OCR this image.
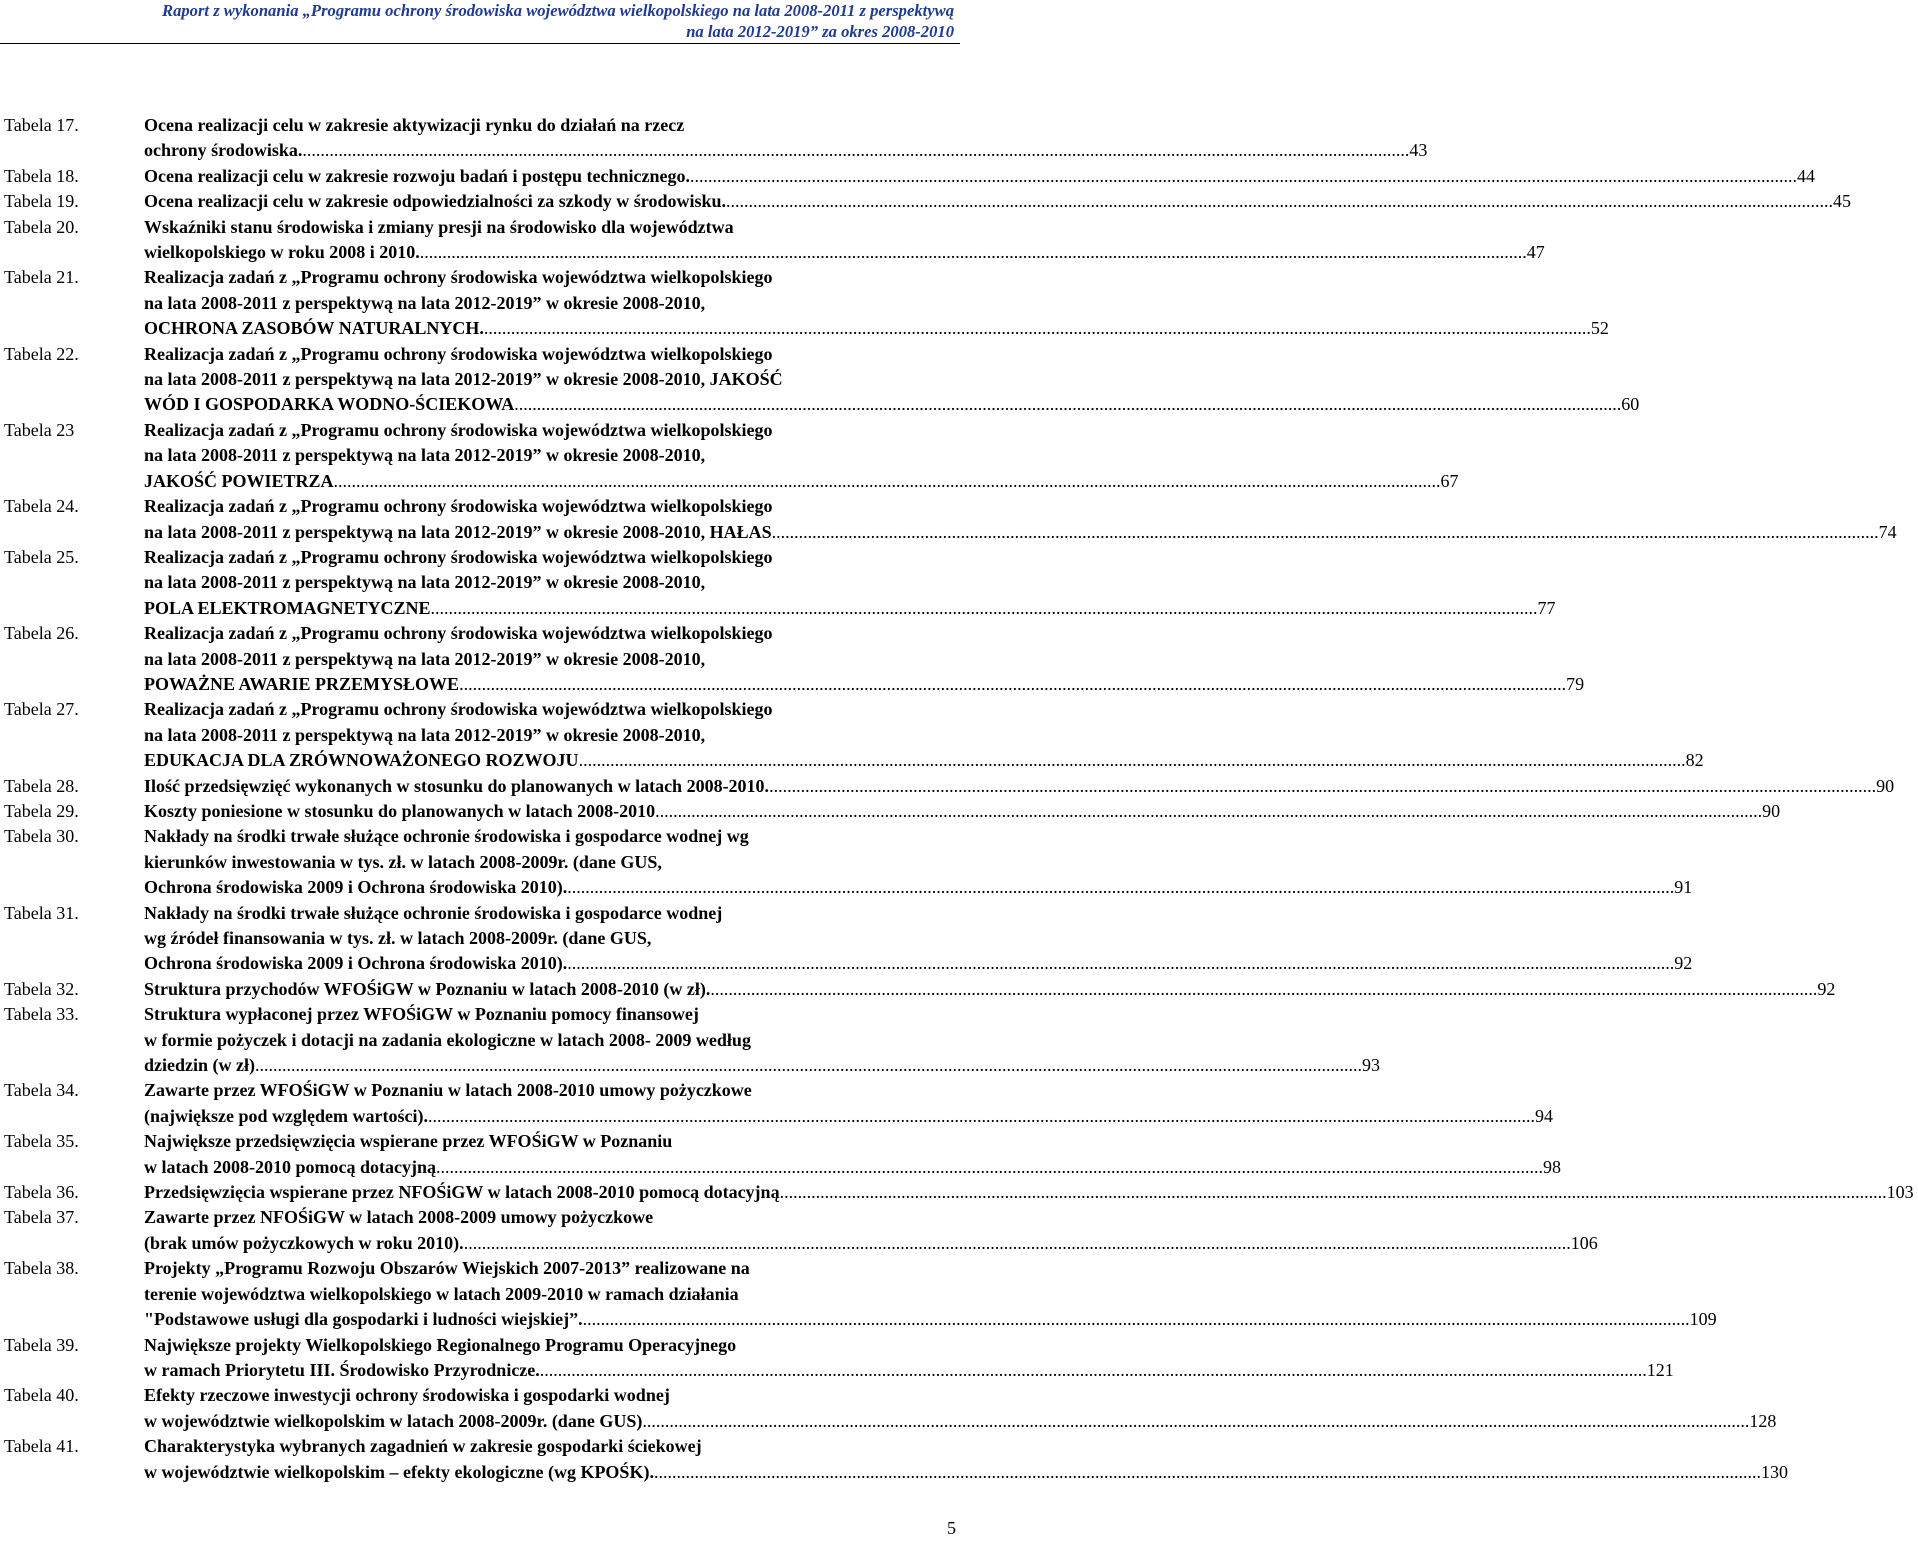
Raport z wykonania „Programu ochrony środowiska województwa wielkopolskiego na lata 2008-2011 z perspektywą
na lata 2012-2019” za okres 2008-2010
Tabela 17.	Ocena realizacji celu w zakresie aktywizacji rynku do działań na rzecz
ochrony środowiska. .....	43
Tabela 18.	Ocena realizacji celu w zakresie rozwoju badań i postępu technicznego. .....	44
Tabela 19.	Ocena realizacji celu w zakresie odpowiedzialności za szkody w środowisku. .....	45
Tabela 20.	Wskaźniki stanu środowiska i zmiany presji na środowisko dla województwa
wielkopolskiego w roku 2008 i 2010. .....	47
Tabela 21.	Realizacja zadań z „Programu ochrony środowiska województwa wielkopolskiego
na lata 2008-2011 z perspektywą na lata 2012-2019” w okresie 2008-2010,
OCHRONA ZASOBÓW NATURALNYCH. .....	52
Tabela 22.	Realizacja zadań z „Programu ochrony środowiska województwa wielkopolskiego
na lata 2008-2011 z perspektywą na lata 2012-2019” w okresie 2008-2010, JAKOŚĆ
WÓD I GOSPODARKA WODNO-ŚCIEKOWA .....	60
Tabela 23	Realizacja zadań z „Programu ochrony środowiska województwa wielkopolskiego
na lata 2008-2011 z perspektywą na lata 2012-2019” w okresie 2008-2010,
JAKOŚĆ POWIETRZA .....	67
Tabela 24.	Realizacja zadań z „Programu ochrony środowiska województwa wielkopolskiego
na lata 2008-2011 z perspektywą na lata 2012-2019” w okresie 2008-2010, HAŁAS .....	74
Tabela 25.	Realizacja zadań z „Programu ochrony środowiska województwa wielkopolskiego
na lata 2008-2011 z perspektywą na lata 2012-2019” w okresie 2008-2010,
POLA ELEKTROMAGNETYCZNE .....	77
Tabela 26.	Realizacja zadań z „Programu ochrony środowiska województwa wielkopolskiego
na lata 2008-2011 z perspektywą na lata 2012-2019” w okresie 2008-2010,
POWAŻNE AWARIE PRZEMYSŁOWE .....	79
Tabela 27.	Realizacja zadań z „Programu ochrony środowiska województwa wielkopolskiego
na lata 2008-2011 z perspektywą na lata 2012-2019” w okresie 2008-2010,
EDUKACJA DLA ZRÓWNOWAŻONEGO ROZWOJU .....	82
Tabela 28.	Ilość przedsięwzięć wykonanych w stosunku do planowanych w latach 2008-2010. .....	90
Tabela 29.	Koszty poniesione w stosunku do planowanych w latach 2008-2010 .....	90
Tabela 30.	Nakłady na środki trwałe służące ochronie środowiska i gospodarce wodnej wg
kierunków inwestowania w tys. zł. w latach 2008-2009r. (dane GUS,
Ochrona środowiska 2009 i Ochrona środowiska 2010). .....	91
Tabela 31.	Nakłady na środki trwałe służące ochronie środowiska i gospodarce wodnej
wg źródeł finansowania w tys. zł. w latach 2008-2009r. (dane GUS,
Ochrona środowiska 2009 i Ochrona środowiska 2010). .....	92
Tabela 32.	Struktura przychodów WFOŚiGW w Poznaniu w latach 2008-2010 (w zł). .....	92
Tabela 33.	Struktura wypłaconej przez WFOŚiGW w Poznaniu pomocy finansowej
w formie pożyczek i dotacji na zadania ekologiczne w latach 2008- 2009 według
dziedzin (w zł) .....	93
Tabela 34.	Zawarte przez WFOŚiGW w Poznaniu w latach 2008-2010 umowy pożyczkowe
(największe pod względem wartości). .....	94
Tabela 35.	Największe przedsięwzięcia wspierane przez WFOŚiGW w Poznaniu
w latach 2008-2010 pomocą dotacyjną .....	98
Tabela 36.	Przedsięwzięcia wspierane przez NFOŚiGW w latach 2008-2010 pomocą dotacyjną .....	103
Tabela 37.	Zawarte przez NFOŚiGW w latach 2008-2009 umowy pożyczkowe
(brak umów pożyczkowych w roku 2010). .....	106
Tabela 38.	Projekty „Programu Rozwoju Obszarów Wiejskich 2007-2013” realizowane na
terenie województwa wielkopolskiego w latach 2009-2010 w ramach działania
"Podstawowe usługi dla gospodarki i ludności wiejskiej”. .....	109
Tabela 39.	Największe projekty Wielkopolskiego Regionalnego Programu Operacyjnego
w ramach Priorytetu III. Środowisko Przyrodnicze. .....	121
Tabela 40.	Efekty rzeczowe inwestycji ochrony środowiska i gospodarki wodnej
w województwie wielkopolskim w latach 2008-2009r. (dane GUS) .....	128
Tabela 41.	Charakterystyka wybranych zagadnień w zakresie gospodarki ściekowej
w województwie wielkopolskim – efekty ekologiczne (wg KPOŚK). .....	130
5
